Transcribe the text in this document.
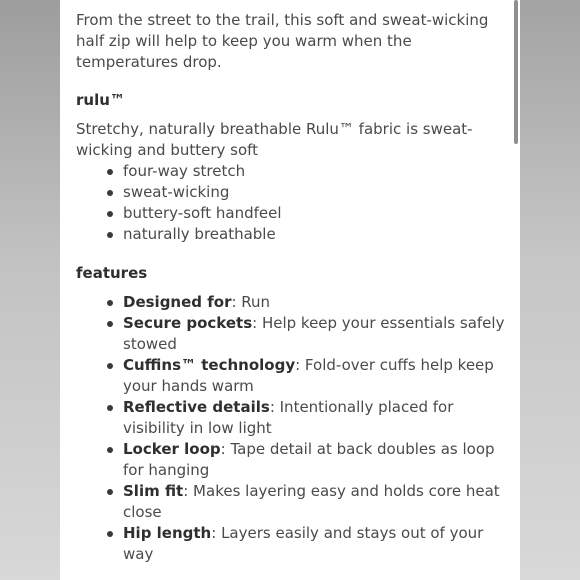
From the street to the trail, this soft and sweat-wicking half zip will help to keep you warm when the temperatures drop.

rulu™

Stretchy, naturally breathable Rulu™ fabric is sweat-wicking and buttery soft

four-way stretch
sweat-wicking
buttery-soft handfeel
naturally breathable

features

Designed for: Run
Secure pockets: Help keep your essentials safely stowed
Cuffins™ technology: Fold-over cuffs help keep your hands warm
Reflective details: Intentionally placed for visibility in low light
Locker loop: Tape detail at back doubles as loop for hanging
Slim fit: Makes layering easy and holds core heat close
Hip length: Layers easily and stays out of your way
